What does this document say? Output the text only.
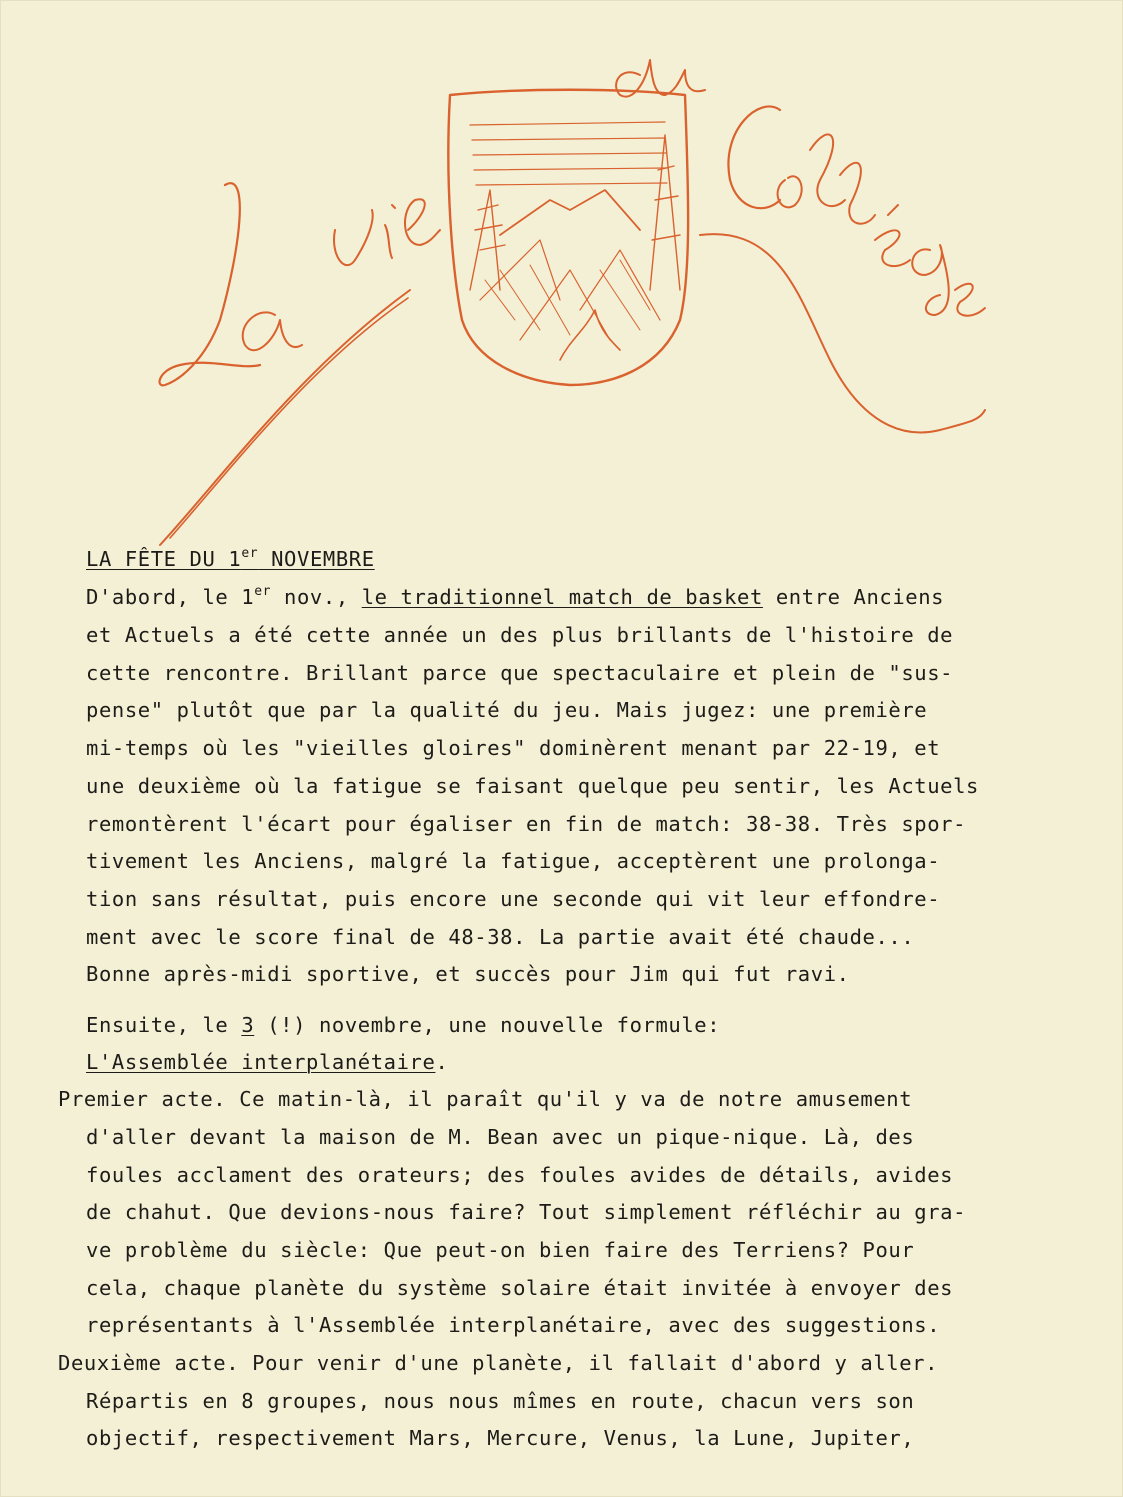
LA FÊTE DU 1er NOVEMBRE
D'abord, le 1er nov., le traditionnel match de basket entre Anciens
et Actuels a été cette année un des plus brillants de l'histoire de
cette rencontre. Brillant parce que spectaculaire et plein de "sus-
pense" plutôt que par la qualité du jeu. Mais jugez: une première
mi-temps où les "vieilles gloires" dominèrent menant par 22-19, et
une deuxième où la fatigue se faisant quelque peu sentir, les Actuels
remontèrent l'écart pour égaliser en fin de match: 38-38. Très spor-
tivement les Anciens, malgré la fatigue, acceptèrent une prolonga-
tion sans résultat, puis encore une seconde qui vit leur effondre-
ment avec le score final de 48-38. La partie avait été chaude...
Bonne après-midi sportive, et succès pour Jim qui fut ravi.
Ensuite, le 3 (!) novembre, une nouvelle formule:
L'Assemblée interplanétaire.
Premier acte. Ce matin-là, il paraît qu'il y va de notre amusement
d'aller devant la maison de M. Bean avec un pique-nique. Là, des
foules acclament des orateurs; des foules avides de détails, avides
de chahut. Que devions-nous faire? Tout simplement réfléchir au gra-
ve problème du siècle: Que peut-on bien faire des Terriens? Pour
cela, chaque planète du système solaire était invitée à envoyer des
représentants à l'Assemblée interplanétaire, avec des suggestions.
Deuxième acte. Pour venir d'une planète, il fallait d'abord y aller.
Répartis en 8 groupes, nous nous mîmes en route, chacun vers son
objectif, respectivement Mars, Mercure, Venus, la Lune, Jupiter,
